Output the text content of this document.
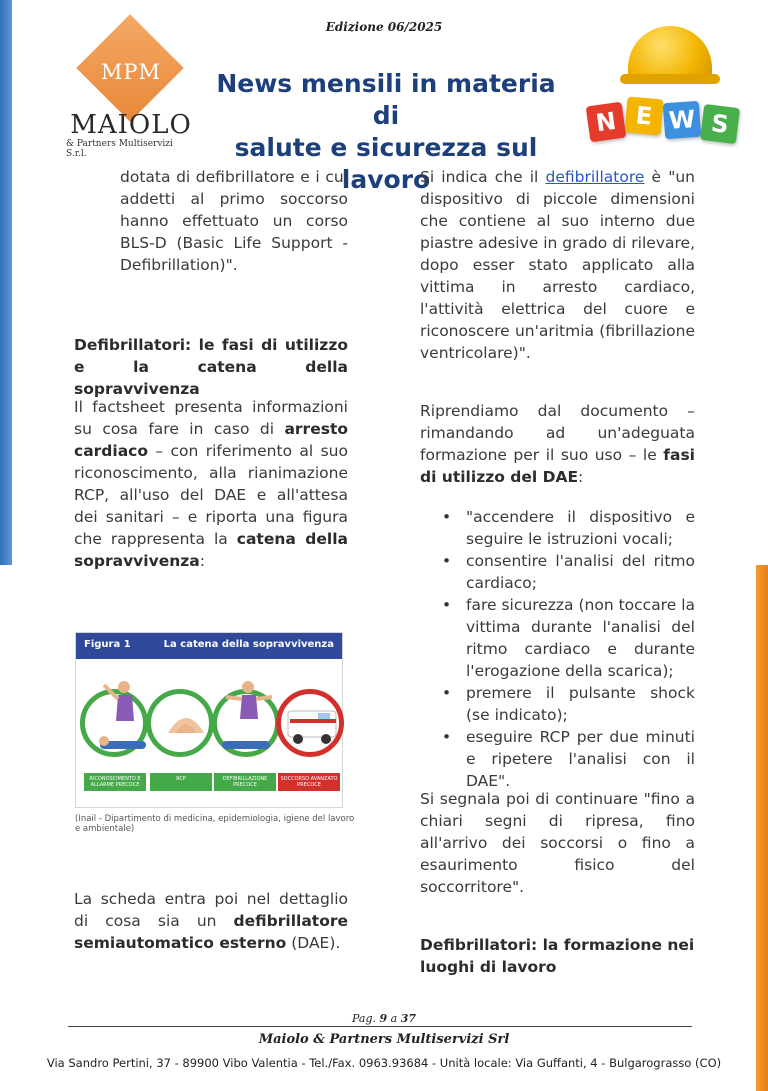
Edizione 06/2025
MPM
MAIOLO
& Partners Multiservizi S.r.l.
News mensili in materia di
salute e sicurezza sul lavoro
N E W S
dotata di defibrillatore e i cui addetti al primo soccorso hanno effettuato un corso BLS-D (Basic Life Support - Defibrillation)".
Defibrillatori: le fasi di utilizzo e la catena della sopravvivenza
Il factsheet presenta informazioni su cosa fare in caso di arresto cardiaco – con riferimento al suo riconoscimento, alla rianimazione RCP, all'uso del DAE e all'attesa dei sanitari – e riporta una figura che rappresenta la catena della sopravvivenza:
Figura 1	La catena della sopravvivenza
RICONOSCIMENTO E ALLARME PRECOCE
RCP	DEFIBRILLAZIONE PRECOCE
SOCCORSO AVANZATO PRECOCE
(Inail - Dipartimento di medicina, epidemiologia, igiene del lavoro e ambientale)
La scheda entra poi nel dettaglio di cosa sia un defibrillatore semiautomatico esterno (DAE).
Si indica che il defibrillatore è "un dispositivo di piccole dimensioni che contiene al suo interno due piastre adesive in grado di rilevare, dopo esser stato applicato alla vittima in arresto cardiaco, l'attività elettrica del cuore e riconoscere un'aritmia (fibrillazione ventricolare)".
Riprendiamo dal documento – rimandando ad un'adeguata formazione per il suo uso – le fasi di utilizzo del DAE:
• "accendere il dispositivo e seguire le istruzioni vocali;
• consentire l'analisi del ritmo cardiaco;
• fare sicurezza (non toccare la vittima durante l'analisi del ritmo cardiaco e durante l'erogazione della scarica);
• premere il pulsante shock (se indicato);
• eseguire RCP per due minuti e ripetere l'analisi con il DAE".
Si segnala poi di continuare "fino a chiari segni di ripresa, fino all'arrivo dei soccorsi o fino a esaurimento fisico del soccorritore".
Defibrillatori: la formazione nei luoghi di lavoro
Pag. 9 a 37
Maiolo & Partners Multiservizi Srl
Via Sandro Pertini, 37 - 89900 Vibo Valentia - Tel./Fax. 0963.93684 - Unità locale: Via Guffanti, 4 - Bulgarograsso (CO)
